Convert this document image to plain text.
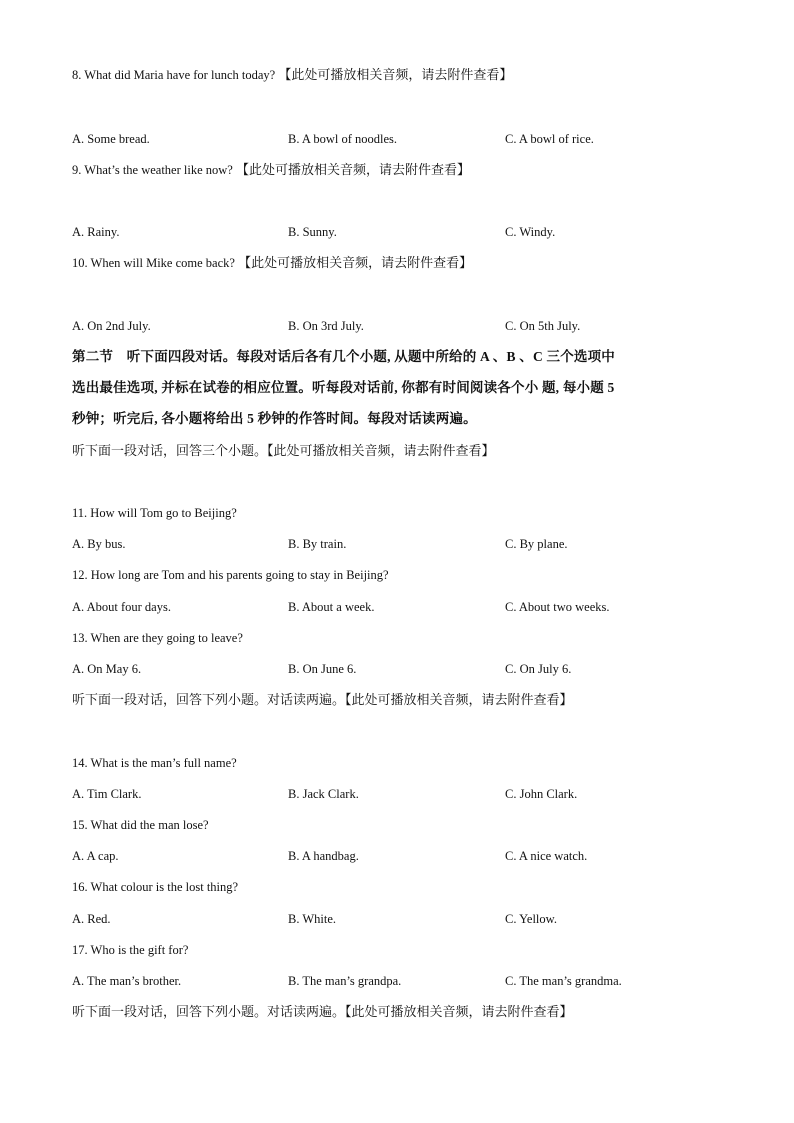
8. What did Maria have for lunch today? 【此处可播放相关音频，请去附件查看】
A. Some bread.	B. A bowl of noodles.	C. A bowl of rice.
9. What’s the weather like now? 【此处可播放相关音频，请去附件查看】
A. Rainy.	B. Sunny.	C. Windy.
10. When will Mike come back? 【此处可播放相关音频，请去附件查看】
A. On 2nd July.	B. On 3rd July.	C. On 5th July.
第二节　听下面四段对话。每段对话后各有几个小题, 从题中所给的 A 、B 、C 三个选项中
选出最佳选项, 并标在试卷的相应位置。听每段对话前, 你都有时间阅读各个小 题, 每小题 5
秒钟；听完后, 各小题将给出 5 秒钟的作答时间。每段对话读两遍。
听下面一段对话，回答三个小题。【此处可播放相关音频，请去附件查看】
11. How will Tom go to Beijing?
A. By bus.	B. By train.	C. By plane.
12. How long are Tom and his parents going to stay in Beijing?
A. About four days.	B. About a week.	C. About two weeks.
13. When are they going to leave?
A. On May 6.	B. On June 6.	C. On July 6.
听下面一段对话，回答下列小题。对话读两遍。【此处可播放相关音频，请去附件查看】
14. What is the man’s full name?
A. Tim Clark.	B. Jack Clark.	C. John Clark.
15. What did the man lose?
A. A cap.	B. A handbag.	C. A nice watch.
16. What colour is the lost thing?
A. Red.	B. White.	C. Yellow.
17. Who is the gift for?
A. The man’s brother.	B. The man’s grandpa.	C. The man’s grandma.
听下面一段对话，回答下列小题。对话读两遍。【此处可播放相关音频，请去附件查看】
